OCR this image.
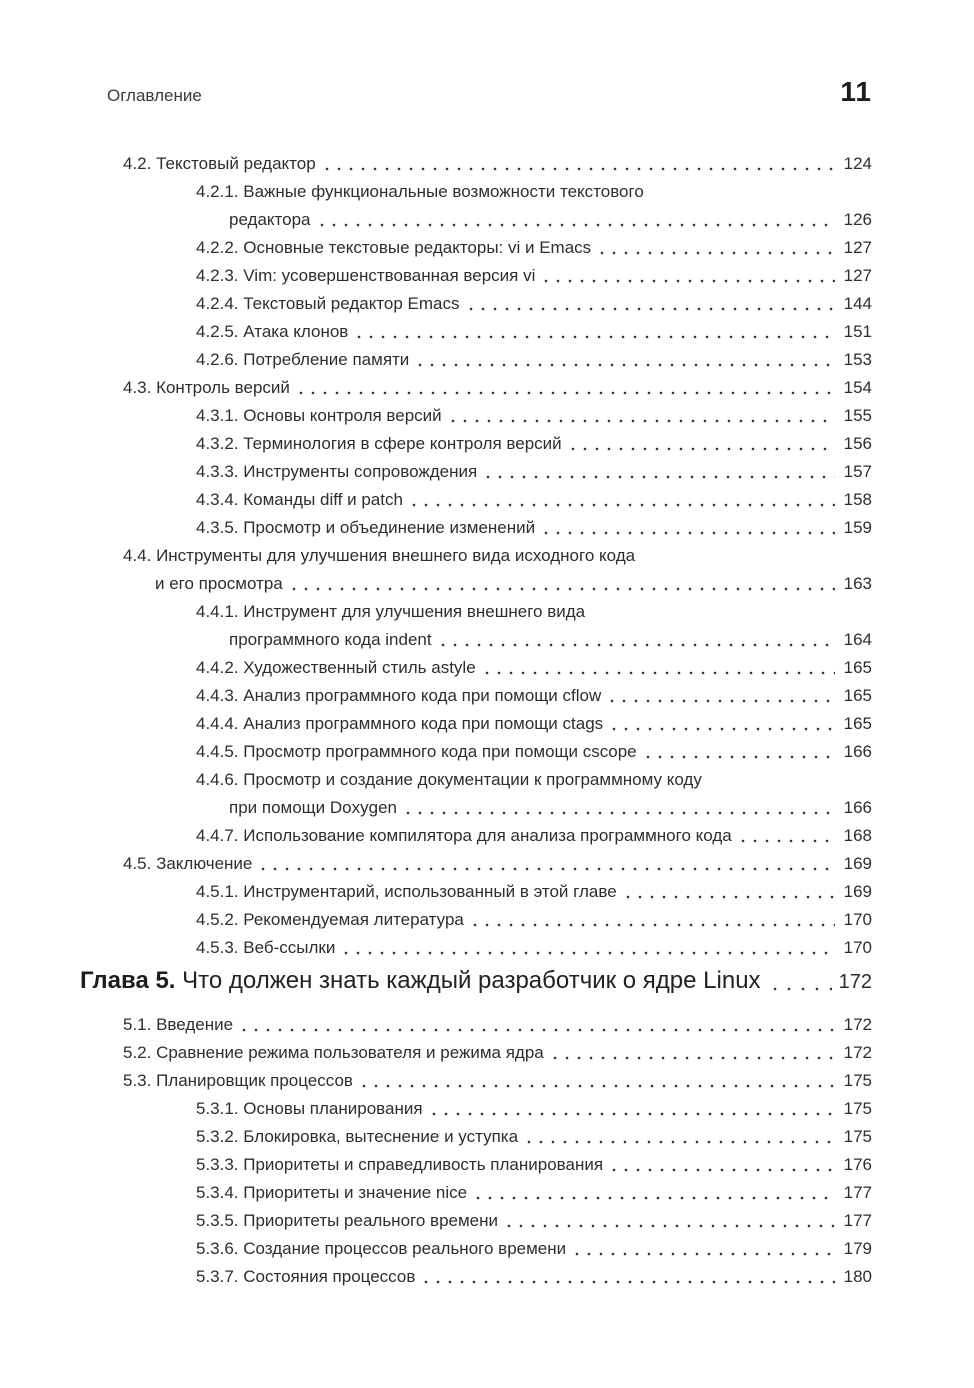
Оглавление	11
4.2. Текстовый редактор	124
4.2.1. Важные функциональные возможности текстового
редактора	126
4.2.2. Основные текстовые редакторы: vi и Emacs	127
4.2.3. Vim: усовершенствованная версия vi	127
4.2.4. Текстовый редактор Emacs	144
4.2.5. Атака клонов	151
4.2.6. Потребление памяти	153
4.3. Контроль версий	154
4.3.1. Основы контроля версий	155
4.3.2. Терминология в сфере контроля версий	156
4.3.3. Инструменты сопровождения	157
4.3.4. Команды diff и patch	158
4.3.5. Просмотр и объединение изменений	159
4.4. Инструменты для улучшения внешнего вида исходного кода
и его просмотра	163
4.4.1. Инструмент для улучшения внешнего вида
программного кода indent	164
4.4.2. Художественный стиль astyle	165
4.4.3. Анализ программного кода при помощи cflow	165
4.4.4. Анализ программного кода при помощи ctags	165
4.4.5. Просмотр программного кода при помощи cscope	166
4.4.6. Просмотр и создание документации к программному коду
при помощи Doxygen	166
4.4.7. Использование компилятора для анализа программного кода	168
4.5. Заключение	169
4.5.1. Инструментарий, использованный в этой главе	169
4.5.2. Рекомендуемая литература	170
4.5.3. Веб-ссылки	170
Глава 5. Что должен знать каждый разработчик о ядре Linux	172
5.1. Введение	172
5.2. Сравнение режима пользователя и режима ядра	172
5.3. Планировщик процессов	175
5.3.1. Основы планирования	175
5.3.2. Блокировка, вытеснение и уступка	175
5.3.3. Приоритеты и справедливость планирования	176
5.3.4. Приоритеты и значение nice	177
5.3.5. Приоритеты реального времени	177
5.3.6. Создание процессов реального времени	179
5.3.7. Состояния процессов	180
